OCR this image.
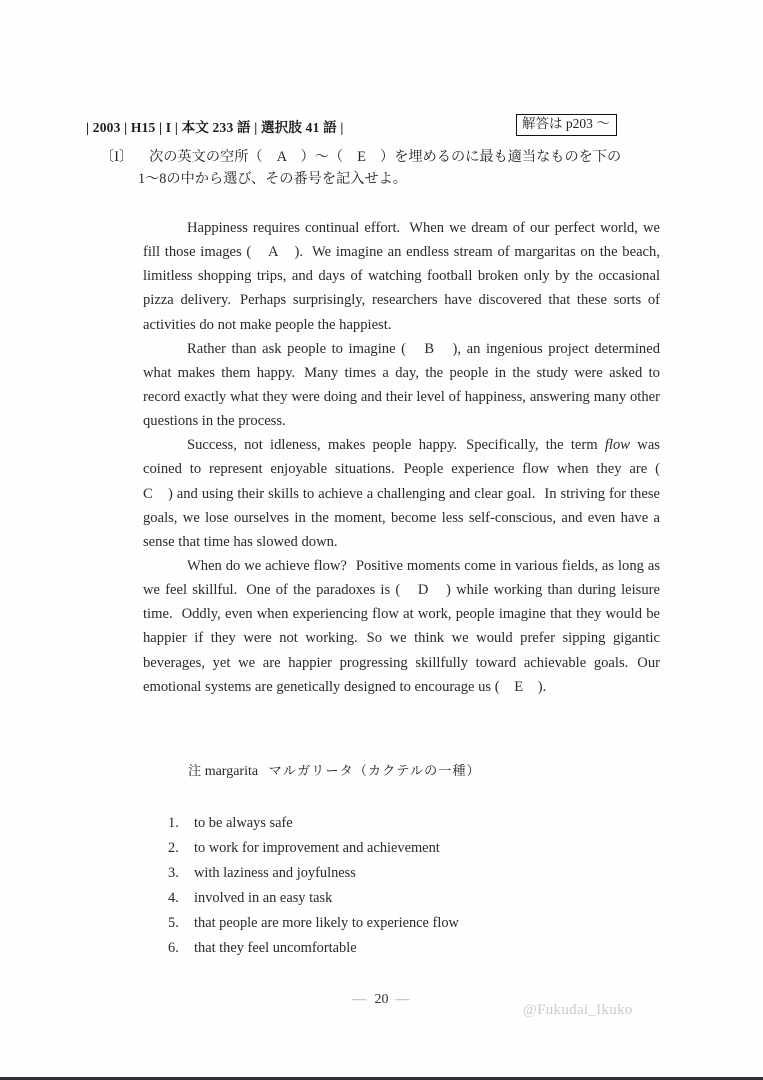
| 2003 | H15 | I | 本文 233 語 | 選択肢 41 語 |	解答は p203 ～
〔I〕 次の英文の空所（　A　）～（　E　）を埋めるのに最も適当なものを下の
1～8の中から選び、その番号を記入せよ。

Happiness requires continual effort. When we dream of our perfect world, we fill those images (　A　). We imagine an endless stream of margaritas on the beach, limitless shopping trips, and days of watching football broken only by the occasional pizza delivery. Perhaps surprisingly, researchers have discovered that these sorts of activities do not make people the happiest.

Rather than ask people to imagine (　B　), an ingenious project determined what makes them happy. Many times a day, the people in the study were asked to record exactly what they were doing and their level of happiness, answering many other questions in the process.

Success, not idleness, makes people happy. Specifically, the term flow was coined to represent enjoyable situations. People experience flow when they are (　C　) and using their skills to achieve a challenging and clear goal. In striving for these goals, we lose ourselves in the moment, become less self-conscious, and even have a sense that time has slowed down.

When do we achieve flow? Positive moments come in various fields, as long as we feel skillful. One of the paradoxes is (　D　) while working than during leisure time. Oddly, even when experiencing flow at work, people imagine that they would be happier if they were not working. So we think we would prefer sipping gigantic beverages, yet we are happier progressing skillfully toward achievable goals. Our emotional systems are genetically designed to encourage us (　E　).

注 margarita マルガリータ（カクテルの一種）
1.	to be always safe
2.	to work for improvement and achievement
3.	with laziness and joyfulness
4.	involved in an easy task
5.	that people are more likely to experience flow
6.	that they feel uncomfortable
— 20 —
@Fukudai_Ikuko
